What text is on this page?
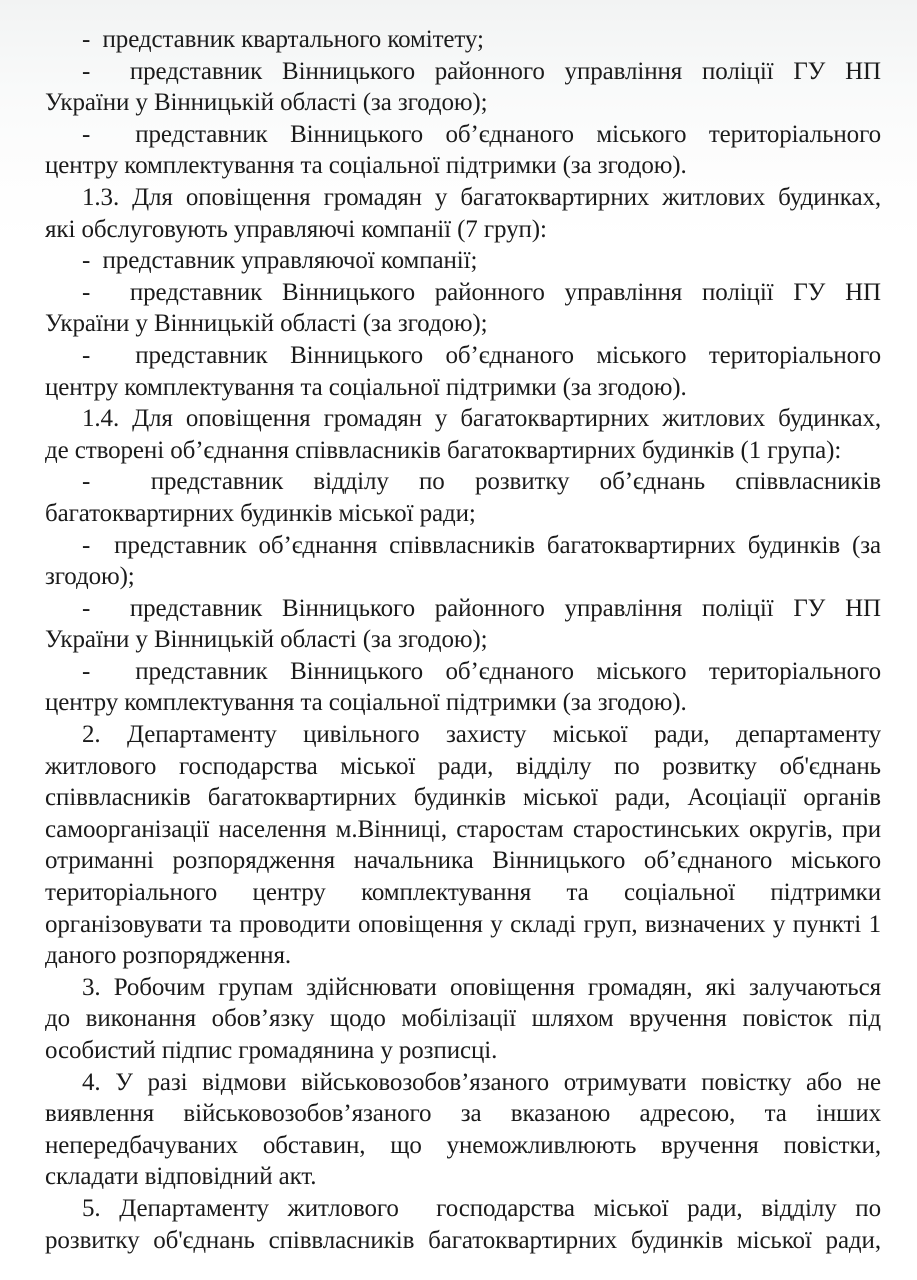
-  представник квартального комітету;
-  представник Вінницького районного управління поліції ГУ НП
України у Вінницькій області (за згодою);
-  представник Вінницького об’єднаного міського територіального
центру комплектування та соціальної підтримки (за згодою).
1.3. Для оповіщення громадян у багатоквартирних житлових будинках,
які обслуговують управляючі компанії (7 груп):
-  представник управляючої компанії;
-  представник Вінницького районного управління поліції ГУ НП
України у Вінницькій області (за згодою);
-  представник Вінницького об’єднаного міського територіального
центру комплектування та соціальної підтримки (за згодою).
1.4. Для оповіщення громадян у багатоквартирних житлових будинках,
де створені об’єднання співвласників багатоквартирних будинків (1 група):
-  представник відділу по розвитку об’єднань співвласників
багатоквартирних будинків міської ради;
-  представник об’єднання співвласників багатоквартирних будинків (за
згодою);
-  представник Вінницького районного управління поліції ГУ НП
України у Вінницькій області (за згодою);
-  представник Вінницького об’єднаного міського територіального
центру комплектування та соціальної підтримки (за згодою).
2. Департаменту цивільного захисту міської ради, департаменту
житлового господарства міської ради, відділу по розвитку об'єднань
співвласників багатоквартирних будинків міської ради, Асоціації органів
самоорганізації населення м.Вінниці, старостам старостинських округів, при
отриманні розпорядження начальника Вінницького об’єднаного міського
територіального центру комплектування та соціальної підтримки
організовувати та проводити оповіщення у складі груп, визначених у пункті 1
даного розпорядження.
3. Робочим групам здійснювати оповіщення громадян, які залучаються
до виконання обов’язку щодо мобілізації шляхом вручення повісток під
особистий підпис громадянина у розписці.
4. У разі відмови військовозобов’язаного отримувати повістку або не
виявлення військовозобов’язаного за вказаною адресою, та інших
непередбачуваних обставин, що унеможливлюють вручення повістки,
складати відповідний акт.
5. Департаменту житлового  господарства міської ради, відділу по
розвитку об'єднань співвласників багатоквартирних будинків міської ради,
